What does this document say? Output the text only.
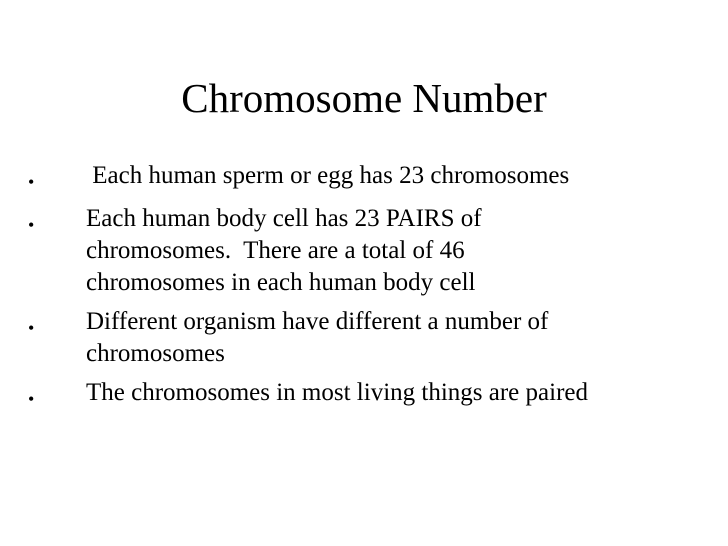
Chromosome Number
•	Each human sperm or egg has 23 chromosomes
•	Each human body cell has 23 PAIRS of
chromosomes.  There are a total of 46
chromosomes in each human body cell
•	Different organism have different a number of
chromosomes
•	The chromosomes in most living things are paired
